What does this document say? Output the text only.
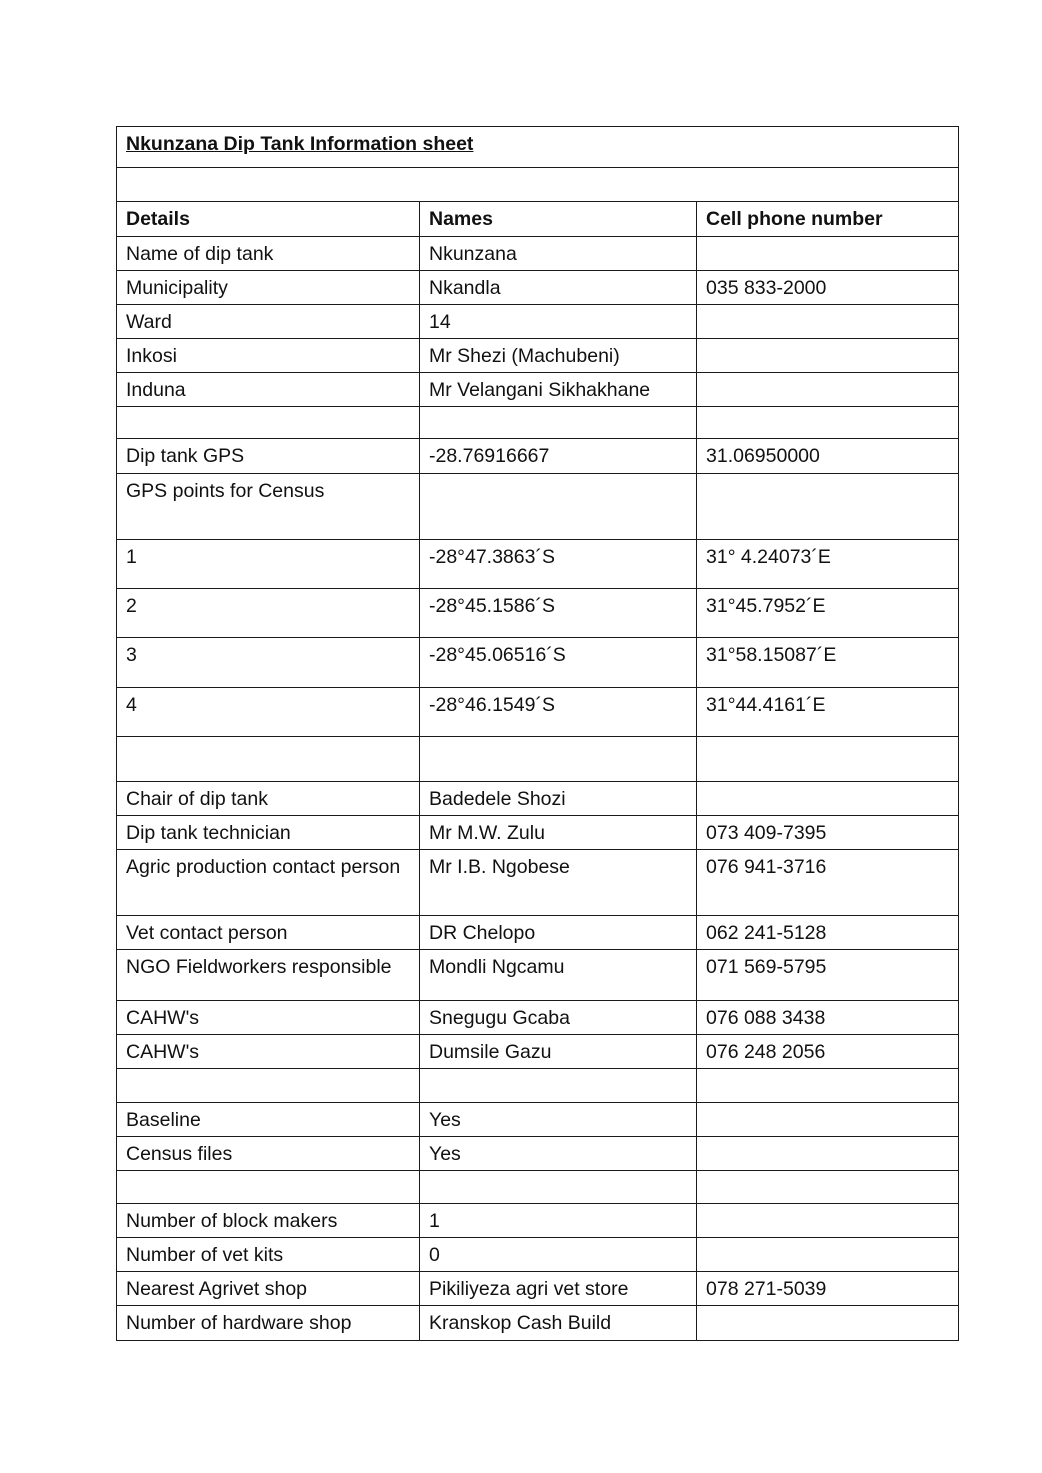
Nkunzana Dip Tank Information sheet		

Details	Names	Cell phone number
Name of dip tank	Nkunzana	
Municipality	Nkandla	035 833-2000
Ward	14	
Inkosi	Mr Shezi (Machubeni)	
Induna	Mr Velangani Sikhakhane	

Dip tank GPS	-28.76916667	31.06950000
GPS points for Census		
1	-28°47.3863´S	31° 4.24073´E
2	-28°45.1586´S	31°45.7952´E
3	-28°45.06516´S	31°58.15087´E
4	-28°46.1549´S	31°44.4161´E

Chair of dip tank	Badedele Shozi	
Dip tank technician	Mr M.W. Zulu	073 409-7395
Agric production contact person	Mr I.B. Ngobese	076 941-3716
Vet contact person	DR Chelopo	062 241-5128
NGO Fieldworkers responsible	Mondli Ngcamu	071 569-5795
CAHW's	Snegugu Gcaba	076 088 3438
CAHW's	Dumsile Gazu	076 248 2056

Baseline	Yes	
Census files	Yes	

Number of block makers	1	
Number of vet kits	0	
Nearest Agrivet shop	Pikiliyeza agri vet store	078 271-5039
Number of hardware shop	Kranskop Cash Build	
